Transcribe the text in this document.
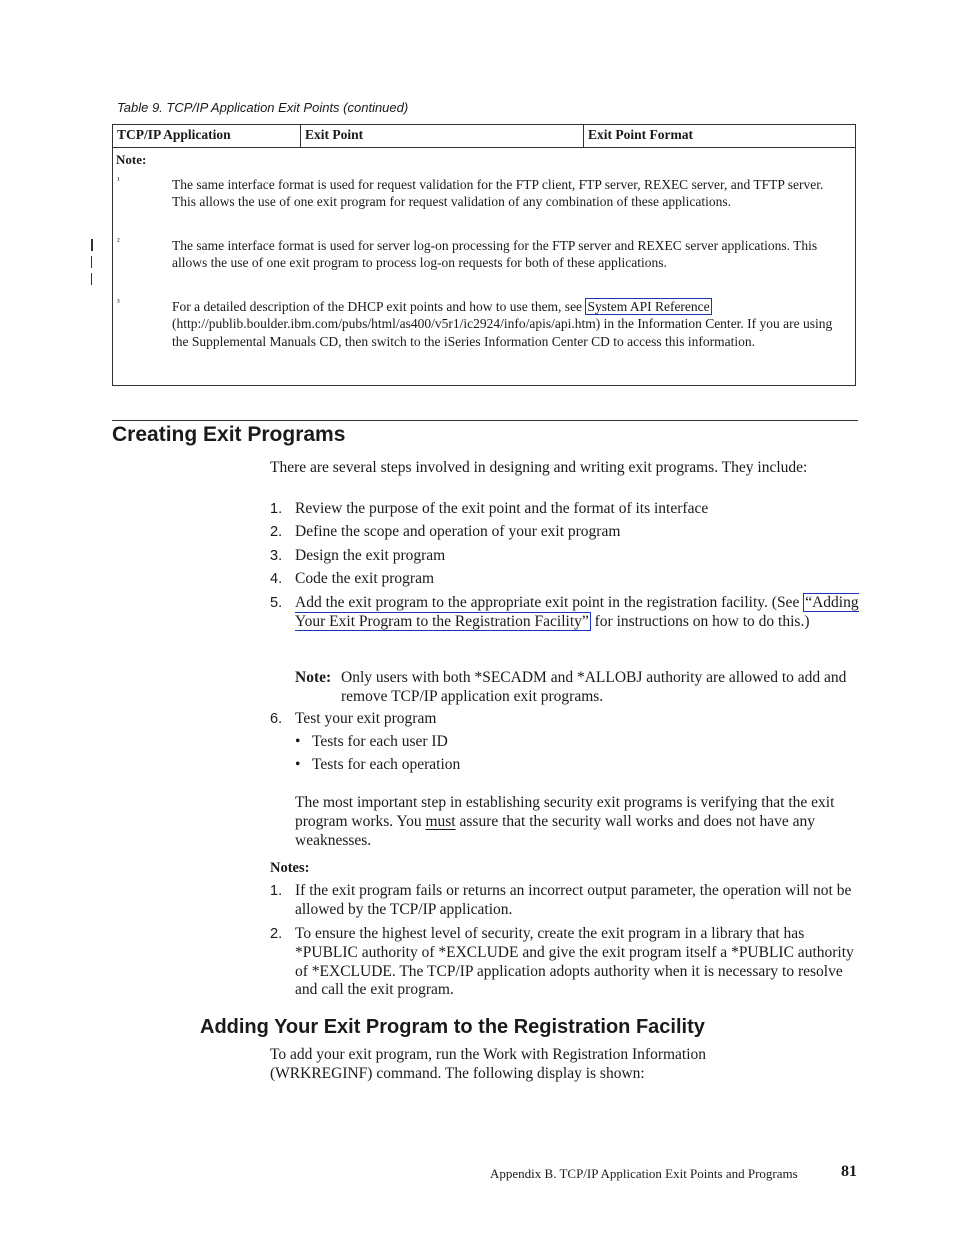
Table 9. TCP/IP Application Exit Points (continued)
TCP/IP Application	Exit Point	Exit Point Format
Note:
¹	The same interface format is used for request validation for the FTP client, FTP server, REXEC server, and TFTP server. This allows the use of one exit program for request validation of any combination of these applications.
²	The same interface format is used for server log-on processing for the FTP server and REXEC server applications. This allows the use of one exit program to process log-on requests for both of these applications.
³	For a detailed description of the DHCP exit points and how to use them, see System API Reference (http://publib.boulder.ibm.com/pubs/html/as400/v5r1/ic2924/info/apis/api.htm) in the Information Center. If you are using the Supplemental Manuals CD, then switch to the iSeries Information Center CD to access this information.
Creating Exit Programs
There are several steps involved in designing and writing exit programs. They include:
1. Review the purpose of the exit point and the format of its interface
2. Define the scope and operation of your exit program
3. Design the exit program
4. Code the exit program
5. Add the exit program to the appropriate exit point in the registration facility. (See “Adding Your Exit Program to the Registration Facility” for instructions on how to do this.)
Note: Only users with both *SECADM and *ALLOBJ authority are allowed to add and remove TCP/IP application exit programs.
6. Test your exit program
• Tests for each user ID
• Tests for each operation
The most important step in establishing security exit programs is verifying that the exit program works. You must assure that the security wall works and does not have any weaknesses.
Notes:
1. If the exit program fails or returns an incorrect output parameter, the operation will not be allowed by the TCP/IP application.
2. To ensure the highest level of security, create the exit program in a library that has *PUBLIC authority of *EXCLUDE and give the exit program itself a *PUBLIC authority of *EXCLUDE. The TCP/IP application adopts authority when it is necessary to resolve and call the exit program.
Adding Your Exit Program to the Registration Facility
To add your exit program, run the Work with Registration Information (WRKREGINF) command. The following display is shown:
Appendix B. TCP/IP Application Exit Points and Programs	81
